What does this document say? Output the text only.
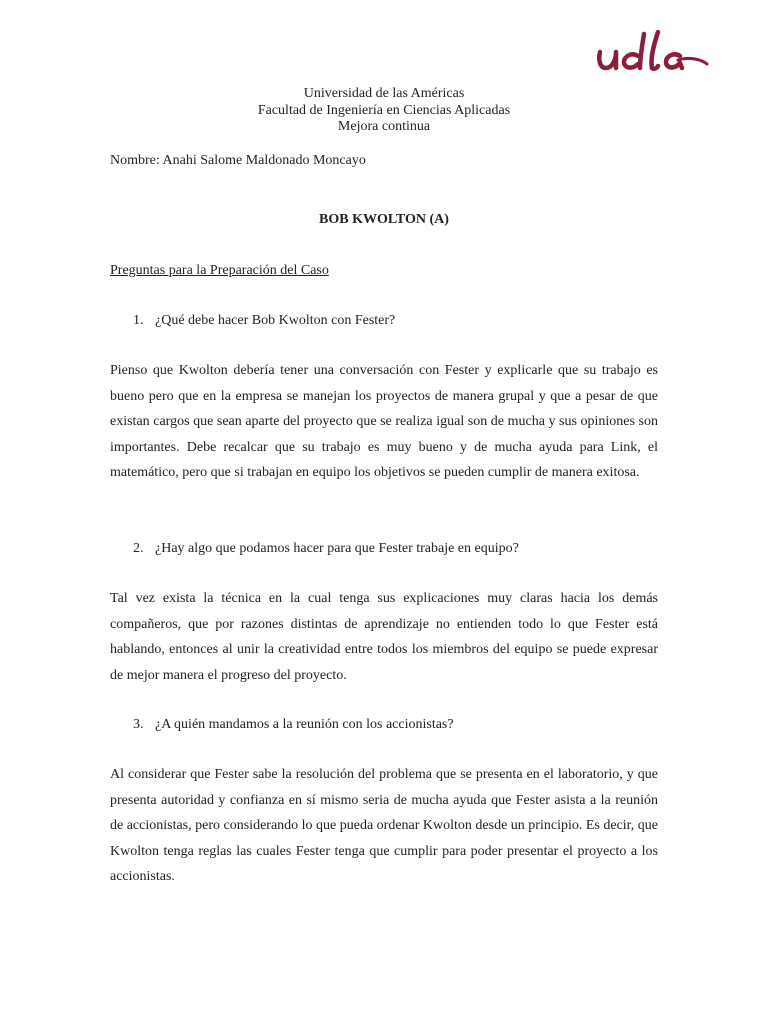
Universidad de las Américas
Facultad de Ingeniería en Ciencias Aplicadas
Mejora continua
Nombre: Anahi Salome Maldonado Moncayo
BOB KWOLTON (A)
Preguntas para la Preparación del Caso
1. ¿Qué debe hacer Bob Kwolton con Fester?
Pienso que Kwolton debería tener una conversación con Fester y explicarle que su trabajo es bueno pero que en la empresa se manejan los proyectos de manera grupal y que a pesar de que existan cargos que sean aparte del proyecto que se realiza igual son de mucha y sus opiniones son importantes. Debe recalcar que su trabajo es muy bueno y de mucha ayuda para Link, el matemático, pero que si trabajan en equipo los objetivos se pueden cumplir de manera exitosa.
2. ¿Hay algo que podamos hacer para que Fester trabaje en equipo?
Tal vez exista la técnica en la cual tenga sus explicaciones muy claras hacia los demás compañeros, que por razones distintas de aprendizaje no entienden todo lo que Fester está hablando, entonces al unir la creatividad entre todos los miembros del equipo se puede expresar de mejor manera el progreso del proyecto.
3. ¿A quién mandamos a la reunión con los accionistas?
Al considerar que Fester sabe la resolución del problema que se presenta en el laboratorio, y que presenta autoridad y confianza en sí mismo seria de mucha ayuda que Fester asista a la reunión de accionistas, pero considerando lo que pueda ordenar Kwolton desde un principio. Es decir, que Kwolton tenga reglas las cuales Fester tenga que cumplir para poder presentar el proyecto a los accionistas.
